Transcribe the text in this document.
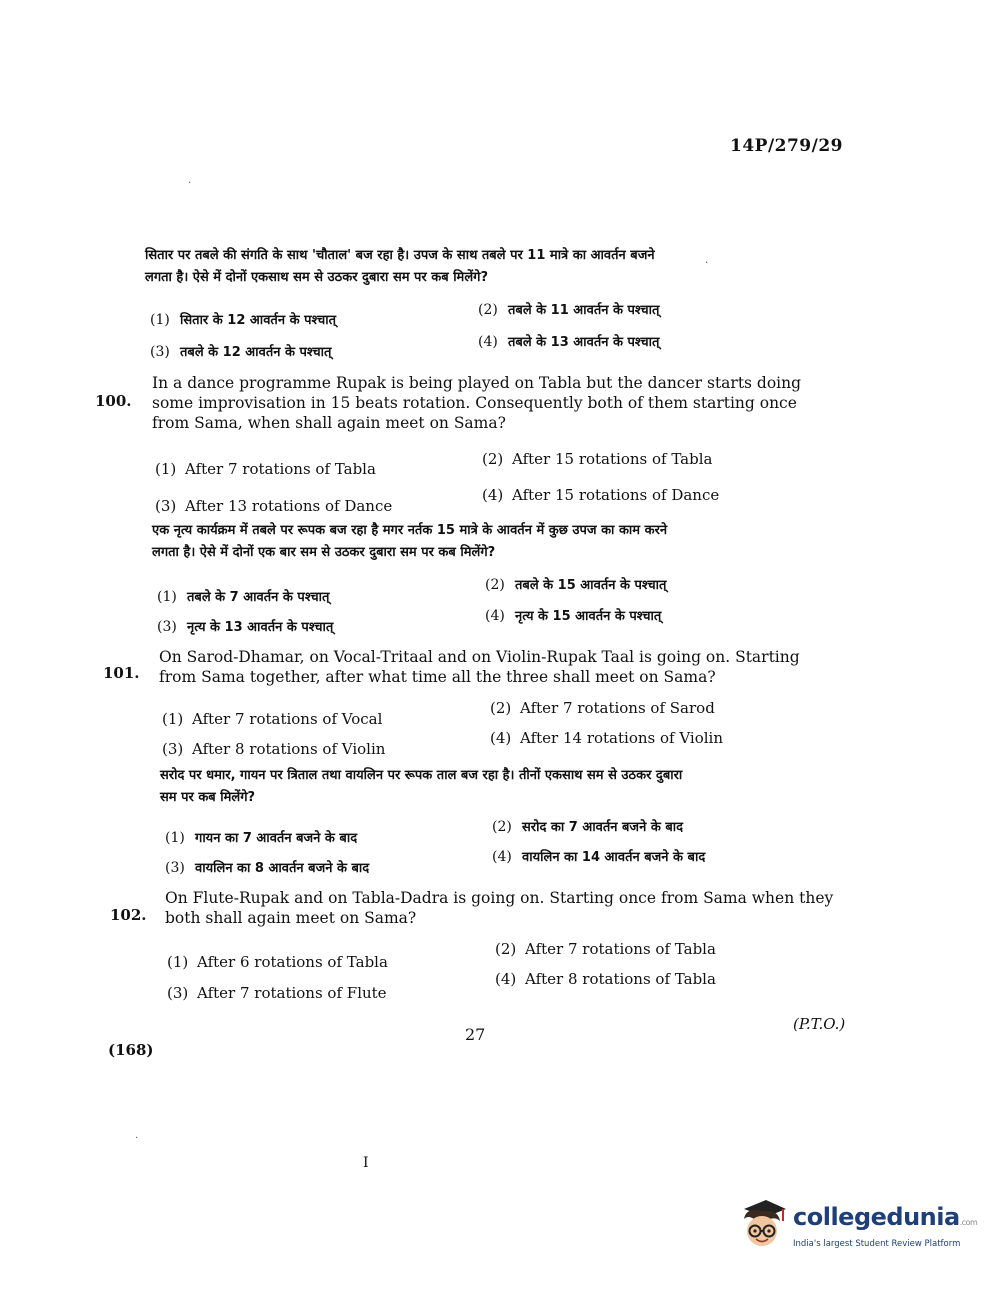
14P/279/29
सितार पर तबले की संगति के साथ 'चौताल' बज रहा है। उपज के साथ तबले पर 11 मात्रे का आवर्तन बजने
लगता है। ऐसे में दोनों एकसाथ सम से उठकर दुबारा सम पर कब मिलेंगे?
(1) सितार के 12 आवर्तन के पश्चात्
(2) तबले के 11 आवर्तन के पश्चात्
(3) तबले के 12 आवर्तन के पश्चात्
(4) तबले के 13 आवर्तन के पश्चात्
100.
In a dance programme Rupak is being played on Tabla but the dancer starts doing some improvisation in 15 beats rotation. Consequently both of them starting once from Sama, when shall again meet on Sama?
(1) After 7 rotations of Tabla
(2) After 15 rotations of Tabla
(3) After 13 rotations of Dance
(4) After 15 rotations of Dance
एक नृत्य कार्यक्रम में तबले पर रूपक बज रहा है मगर नर्तक 15 मात्रे के आवर्तन में कुछ उपज का काम करने
लगता है। ऐसे में दोनों एक बार सम से उठकर दुबारा सम पर कब मिलेंगे?
(1) तबले के 7 आवर्तन के पश्चात्
(2) तबले के 15 आवर्तन के पश्चात्
(3) नृत्य के 13 आवर्तन के पश्चात्
(4) नृत्य के 15 आवर्तन के पश्चात्
101.
On Sarod-Dhamar, on Vocal-Tritaal and on Violin-Rupak Taal is going on. Starting from Sama together, after what time all the three shall meet on Sama?
(1) After 7 rotations of Vocal
(2) After 7 rotations of Sarod
(3) After 8 rotations of Violin
(4) After 14 rotations of Violin
सरोद पर धमार, गायन पर त्रिताल तथा वायलिन पर रूपक ताल बज रहा है। तीनों एकसाथ सम से उठकर दुबारा
सम पर कब मिलेंगे?
(1) गायन का 7 आवर्तन बजने के बाद
(2) सरोद का 7 आवर्तन बजने के बाद
(3) वायलिन का 8 आवर्तन बजने के बाद
(4) वायलिन का 14 आवर्तन बजने के बाद
102.
On Flute-Rupak and on Tabla-Dadra is going on. Starting once from Sama when they both shall again meet on Sama?
(1) After 6 rotations of Tabla
(2) After 7 rotations of Tabla
(3) After 7 rotations of Flute
(4) After 8 rotations of Tabla
27
(P.T.O.)
(168)
.
.
.
I
collegedunia.com
India's largest Student Review Platform
